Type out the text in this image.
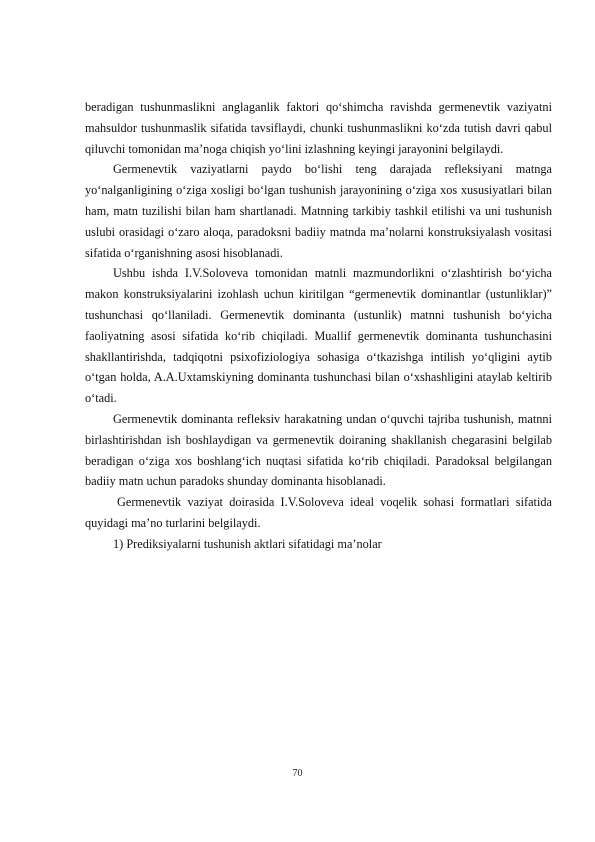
beradigan tushunmaslikni anglaganlik faktori qo‘shimcha ravishda germenevtik vaziyatni mahsuldor tushunmaslik sifatida tavsiflaydi, chunki tushunmaslikni ko‘zda tutish davri qabul qiluvchi tomonidan ma’noga chiqish yo‘lini izlashning keyingi jarayonini belgilaydi.

Germenevtik vaziyatlarni paydo bo‘lishi teng darajada refleksiyani matnga yo‘nalganligining o‘ziga xosligi bo‘lgan tushunish jarayonining o‘ziga xos xususiyatlari bilan ham, matn tuzilishi bilan ham shartlanadi. Matnning tarkibiy tashkil etilishi va uni tushunish uslubi orasidagi o‘zaro aloqa, paradoksni badiiy matnda ma’nolarni konstruksiyalash vositasi sifatida o‘rganishning asosi hisoblanadi.

Ushbu ishda I.V.Soloveva tomonidan matnli mazmundorlikni o‘zlashtirish bo‘yicha makon konstruksiyalarini izohlash uchun kiritilgan “germenevtik dominantlar (ustunliklar)” tushunchasi qo‘llaniladi. Germenevtik dominanta (ustunlik) matnni tushunish bo‘yicha faoliyatning asosi sifatida ko‘rib chiqiladi. Muallif germenevtik dominanta tushunchasini shakllantirishda, tadqiqotni psixofiziologiya sohasiga o‘tkazishga intilish yo‘qligini aytib o‘tgan holda, A.A.Uxtamskiyning dominanta tushunchasi bilan o‘xshashligini ataylab keltirib o‘tadi.

Germenevtik dominanta refleksiv harakatning undan o‘quvchi tajriba tushunish, matnni birlashtirishdan ish boshlaydigan va germenevtik doiraning shakllanish chegarasini belgilab beradigan o‘ziga xos boshlang‘ich nuqtasi sifatida ko‘rib chiqiladi. Paradoksal belgilangan badiiy matn uchun paradoks shunday dominanta hisoblanadi.

Germenevtik vaziyat doirasida I.V.Soloveva ideal voqelik sohasi formatlari sifatida quyidagi ma’no turlarini belgilaydi.

1) Prediksiyalarni tushunish aktlari sifatidagi ma’nolar

70
